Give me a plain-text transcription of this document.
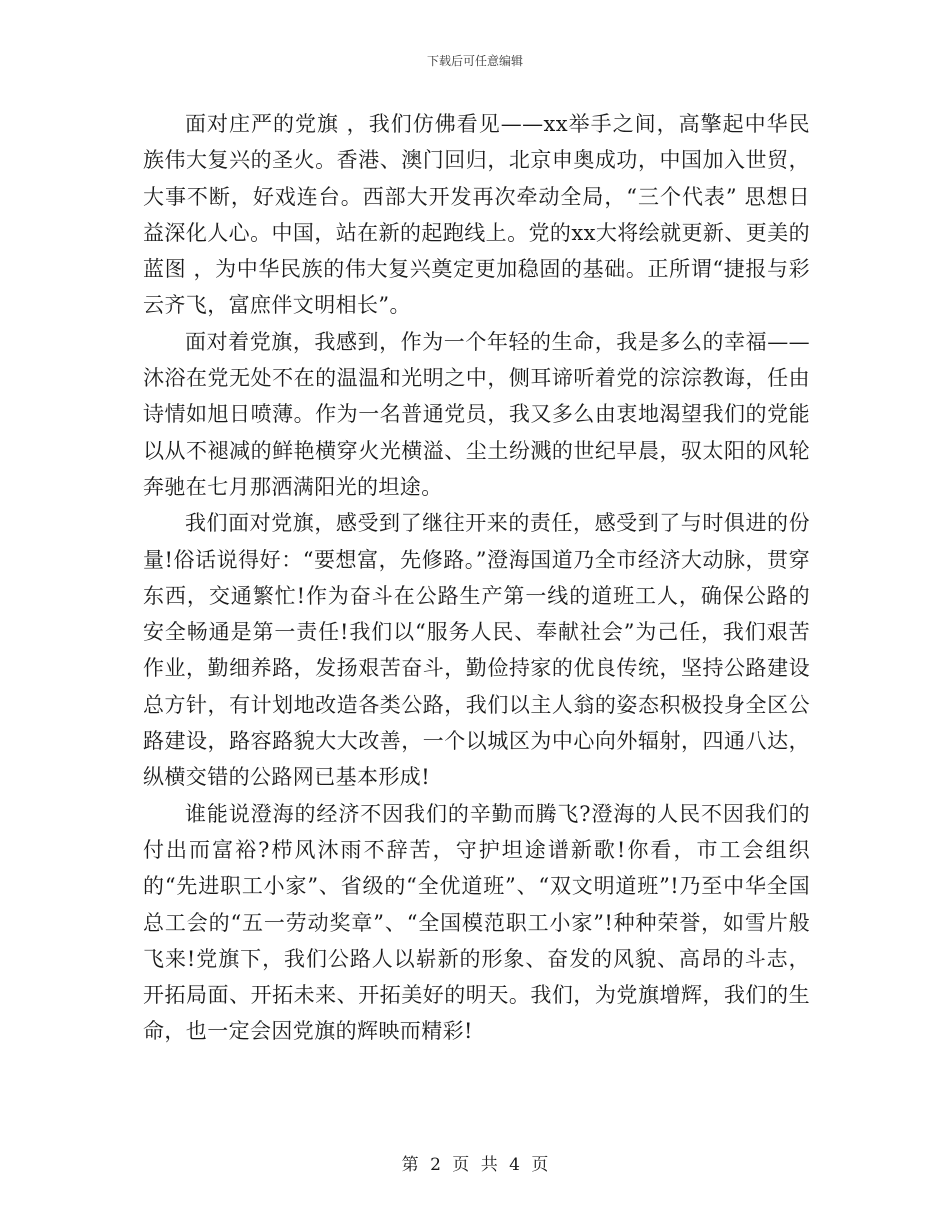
下载后可任意编辑

面对庄严的党旗 ，我们仿佛看见——xx举手之间，高擎起中华民族伟大复兴的圣火。香港、澳门回归，北京申奥成功，中国加入世贸，大事不断，好戏连台。西部大开发再次牵动全局，“三个代表” 思想日益深化人心。中国，站在新的起跑线上。党的xx大将绘就更新、更美的蓝图 ，为中华民族的伟大复兴奠定更加稳固的基础。正所谓“捷报与彩云齐飞，富庶伴文明相长”。

面对着党旗，我感到，作为一个年轻的生命，我是多么的幸福——沐浴在党无处不在的温温和光明之中，侧耳谛听着党的淙淙教诲，任由诗情如旭日喷薄。作为一名普通党员，我又多么由衷地渴望我们的党能以从不褪减的鲜艳横穿火光横溢、尘土纷溅的世纪早晨，驭太阳的风轮奔驰在七月那洒满阳光的坦途。

我们面对党旗，感受到了继往开来的责任，感受到了与时俱进的份量!俗话说得好：“要想富，先修路。”澄海国道乃全市经济大动脉，贯穿东西，交通繁忙!作为奋斗在公路生产第一线的道班工人，确保公路的安全畅通是第一责任!我们以“服务人民、奉献社会”为己任，我们艰苦作业，勤细养路，发扬艰苦奋斗，勤俭持家的优良传统，坚持公路建设总方针，有计划地改造各类公路，我们以主人翁的姿态积极投身全区公路建设，路容路貌大大改善，一个以城区为中心向外辐射，四通八达，纵横交错的公路网已基本形成!

谁能说澄海的经济不因我们的辛勤而腾飞?澄海的人民不因我们的付出而富裕?栉风沐雨不辞苦，守护坦途谱新歌!你看，市工会组织的“先进职工小家”、省级的“全优道班”、“双文明道班”!乃至中华全国总工会的“五一劳动奖章”、“全国模范职工小家”!种种荣誉，如雪片般飞来!党旗下，我们公路人以崭新的形象、奋发的风貌、高昂的斗志，开拓局面、开拓未来、开拓美好的明天。我们，为党旗增辉，我们的生命，也一定会因党旗的辉映而精彩!

第 2 页 共 4 页
